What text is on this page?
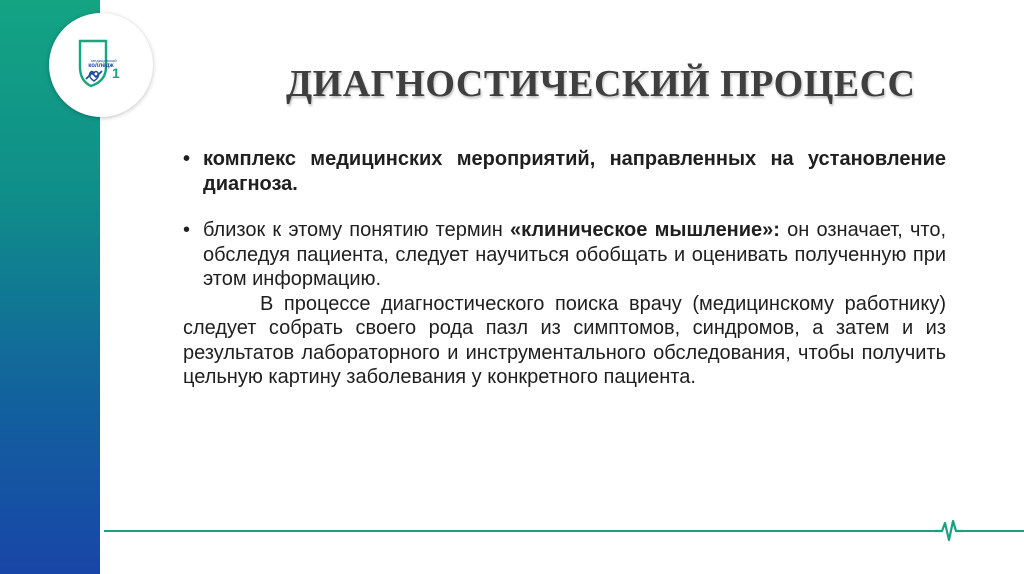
медицинский
колледж
1	ДИАГНОСТИЧЕСКИЙ ПРОЦЕСС
• комплекс медицинских мероприятий, направленных на установление диагноза.
• близок к этому понятию термин «клиническое мышление»: он означает, что, обследуя пациента, следует научиться обобщать и оценивать полученную при этом информацию.
В процессе диагностического поиска врачу (медицинскому работнику) следует собрать своего рода пазл из симптомов, синдромов, а затем и из результатов лабораторного и инструментального обследования, чтобы получить цельную картину заболевания у конкретного пациента.
